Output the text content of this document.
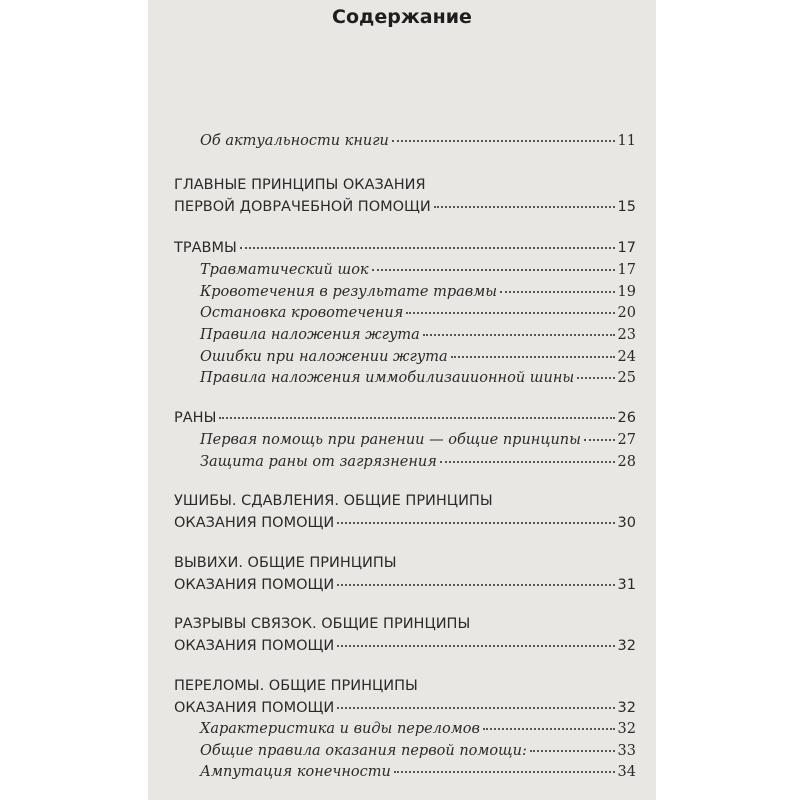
Содержание
Об актуальности книги	11
ГЛАВНЫЕ ПРИНЦИПЫ ОКАЗАНИЯ
ПЕРВОЙ ДОВРАЧЕБНОЙ ПОМОЩИ	15
ТРАВМЫ	17
Травматический шок	17
Кровотечения в результате травмы	19
Остановка кровотечения	20
Правила наложения жгута	23
Ошибки при наложении жгута	24
Правила наложения иммобилизаиионной шины	25
РАНЫ	26
Первая помощь при ранении — общие принципы	27
Защита раны от загрязнения	28
УШИБЫ. СДАВЛЕНИЯ. ОБЩИЕ ПРИНЦИПЫ
ОКАЗАНИЯ ПОМОЩИ	30
ВЫВИХИ. ОБЩИЕ ПРИНЦИПЫ
ОКАЗАНИЯ ПОМОЩИ	31
РАЗРЫВЫ СВЯЗОК. ОБЩИЕ ПРИНЦИПЫ
ОКАЗАНИЯ ПОМОЩИ	32
ПЕРЕЛОМЫ. ОБЩИЕ ПРИНЦИПЫ
ОКАЗАНИЯ ПОМОЩИ	32
Характеристика и виды переломов	32
Общие правила оказания первой помощи:	33
Ампутация конечности	34
